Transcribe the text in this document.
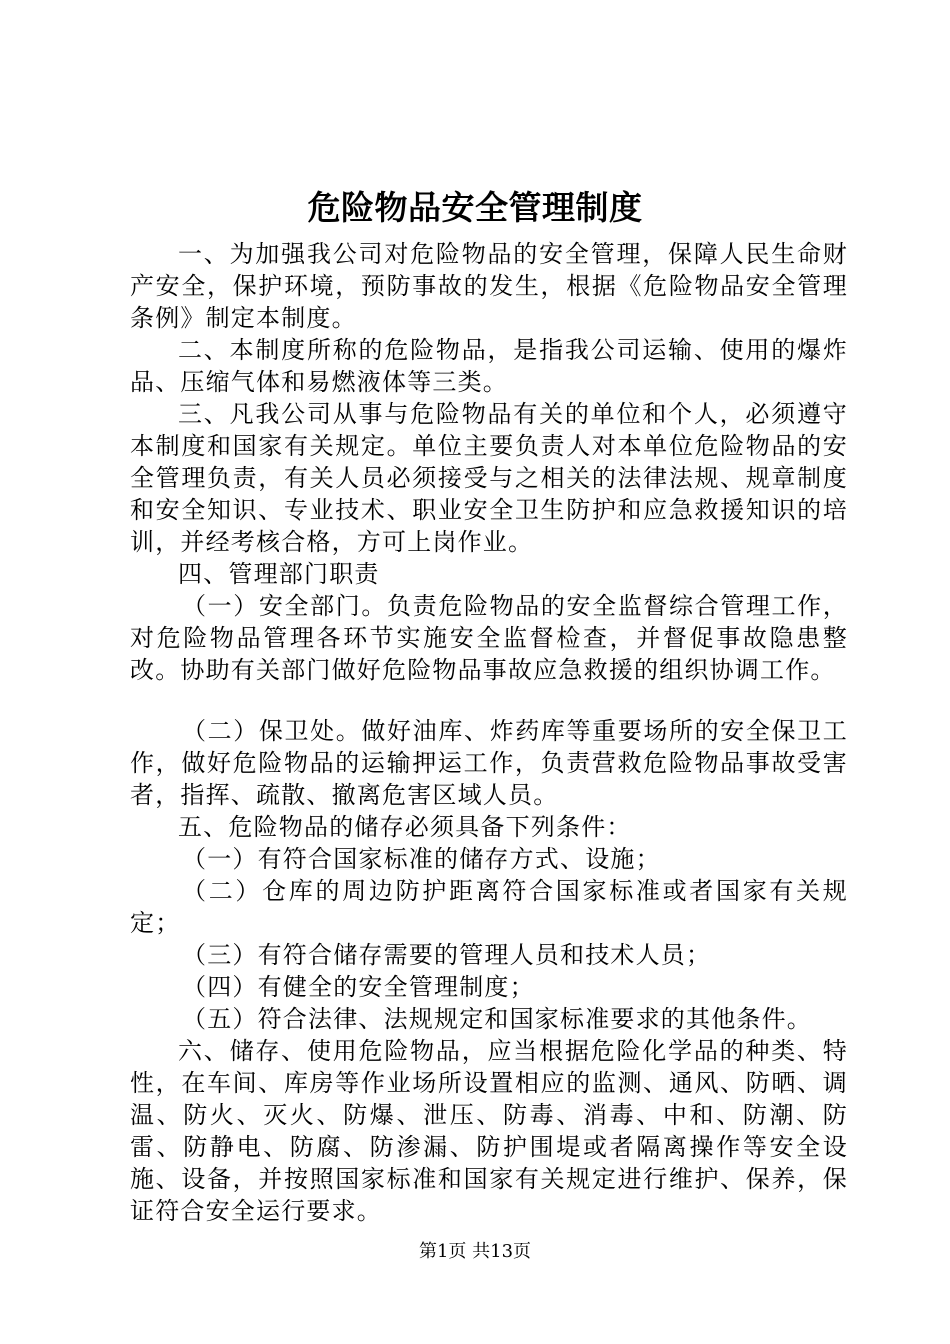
危险物品安全管理制度

一、为加强我公司对危险物品的安全管理，保障人民生命财产安全，保护环境，预防事故的发生，根据《危险物品安全管理条例》制定本制度。

二、本制度所称的危险物品，是指我公司运输、使用的爆炸品、压缩气体和易燃液体等三类。

三、凡我公司从事与危险物品有关的单位和个人，必须遵守本制度和国家有关规定。单位主要负责人对本单位危险物品的安全管理负责，有关人员必须接受与之相关的法律法规、规章制度和安全知识、专业技术、职业安全卫生防护和应急救援知识的培训，并经考核合格，方可上岗作业。

四、管理部门职责

（一）安全部门。负责危险物品的安全监督综合管理工作，对危险物品管理各环节实施安全监督检查，并督促事故隐患整改。协助有关部门做好危险物品事故应急救援的组织协调工作。

（二）保卫处。做好油库、炸药库等重要场所的安全保卫工作，做好危险物品的运输押运工作，负责营救危险物品事故受害者，指挥、疏散、撤离危害区域人员。

五、危险物品的储存必须具备下列条件：

（一）有符合国家标准的储存方式、设施；

（二）仓库的周边防护距离符合国家标准或者国家有关规定；

（三）有符合储存需要的管理人员和技术人员；

（四）有健全的安全管理制度；

（五）符合法律、法规规定和国家标准要求的其他条件。

六、储存、使用危险物品，应当根据危险化学品的种类、特性，在车间、库房等作业场所设置相应的监测、通风、防晒、调温、防火、灭火、防爆、泄压、防毒、消毒、中和、防潮、防雷、防静电、防腐、防渗漏、防护围堤或者隔离操作等安全设施、设备，并按照国家标准和国家有关规定进行维护、保养，保证符合安全运行要求。

第1页 共13页
